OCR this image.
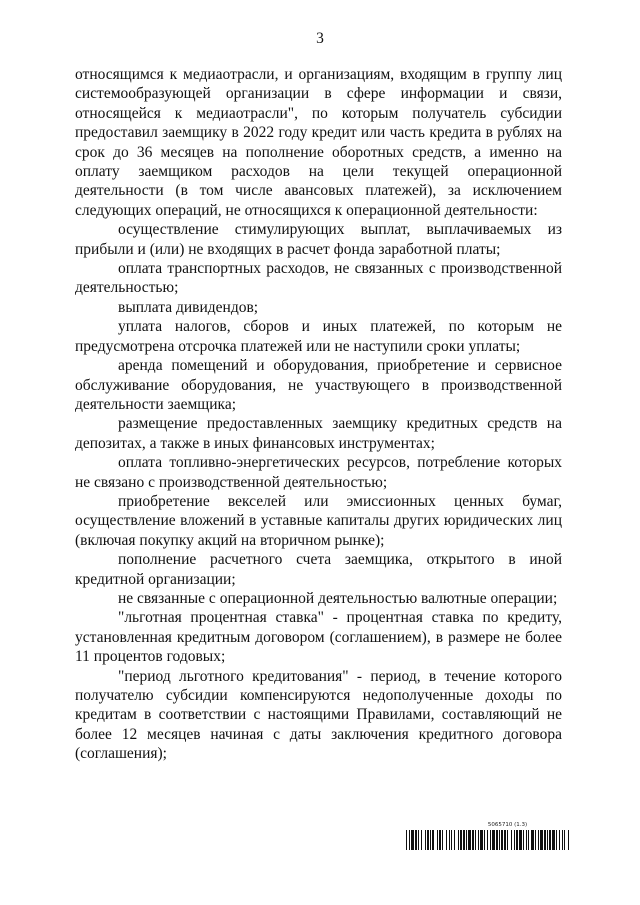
3

относящимся к медиаотрасли, и организациям, входящим в группу лиц системообразующей организации в сфере информации и связи, относящейся к медиаотрасли", по которым получатель субсидии предоставил заемщику в 2022 году кредит или часть кредита в рублях на срок до 36 месяцев на пополнение оборотных средств, а именно на оплату заемщиком расходов на цели текущей операционной деятельности (в том числе авансовых платежей), за исключением следующих операций, не относящихся к операционной деятельности:

осуществление стимулирующих выплат, выплачиваемых из прибыли и (или) не входящих в расчет фонда заработной платы;

оплата транспортных расходов, не связанных с производственной деятельностью;

выплата дивидендов;

уплата налогов, сборов и иных платежей, по которым не предусмотрена отсрочка платежей или не наступили сроки уплаты;

аренда помещений и оборудования, приобретение и сервисное обслуживание оборудования, не участвующего в производственной деятельности заемщика;

размещение предоставленных заемщику кредитных средств на депозитах, а также в иных финансовых инструментах;

оплата топливно-энергетических ресурсов, потребление которых не связано с производственной деятельностью;

приобретение векселей или эмиссионных ценных бумаг, осуществление вложений в уставные капиталы других юридических лиц (включая покупку акций на вторичном рынке);

пополнение расчетного счета заемщика, открытого в иной кредитной организации;

не связанные с операционной деятельностью валютные операции;

"льготная процентная ставка" - процентная ставка по кредиту, установленная кредитным договором (соглашением), в размере не более 11 процентов годовых;

"период льготного кредитования" - период, в течение которого получателю субсидии компенсируются недополученные доходы по кредитам в соответствии с настоящими Правилами, составляющий не более 12 месяцев начиная с даты заключения кредитного договора (соглашения);

5065710 (1.3)
